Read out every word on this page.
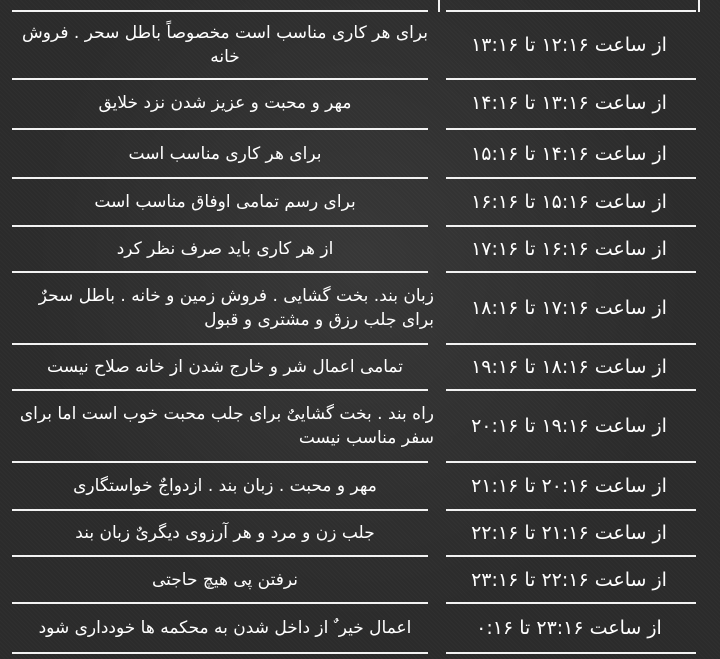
از ساعت ۱۲:۱۶ تا ۱۳:۱۶
برای هر کاری مناسب است مخصوصاً باطل سحر . فروش خانه
از ساعت ۱۳:۱۶ تا ۱۴:۱۶
مهر و محبت و عزیز شدن نزد خلایق
از ساعت ۱۴:۱۶ تا ۱۵:۱۶
برای هر کاری مناسب است
از ساعت ۱۵:۱۶ تا ۱۶:۱۶
برای رسم تمامی اوفاق مناسب است
از ساعت ۱۶:۱۶ تا ۱۷:۱۶
از هر کاری باید صرف نظر کرد
از ساعت ۱۷:۱۶ تا ۱۸:۱۶
زبان بند. بخت گشایی . فروش زمین و خانه . باطل سحرٌ برای جلب رزق و مشتری و قبول
از ساعت ۱۸:۱۶ تا ۱۹:۱۶
تمامی اعمال شر و خارج شدن از خانه صلاح نیست
از ساعت ۱۹:۱۶ تا ۲۰:۱۶
راه بند . بخت گشاییٌ برای جلب محبت خوب است اما برای سفر مناسب نیست
از ساعت ۲۰:۱۶ تا ۲۱:۱۶
مهر و محبت . زبان بند . ازدواجٌ خواستگاری
از ساعت ۲۱:۱۶ تا ۲۲:۱۶
جلب زن و مرد و هر آرزوی دیگریٌ زبان بند
از ساعت ۲۲:۱۶ تا ۲۳:۱۶
نرفتن پی هیچ حاجتی
از ساعت ۲۳:۱۶ تا ۰:۱۶
اعمال خیر ٌ از داخل شدن به محکمه ها خودداری شود
